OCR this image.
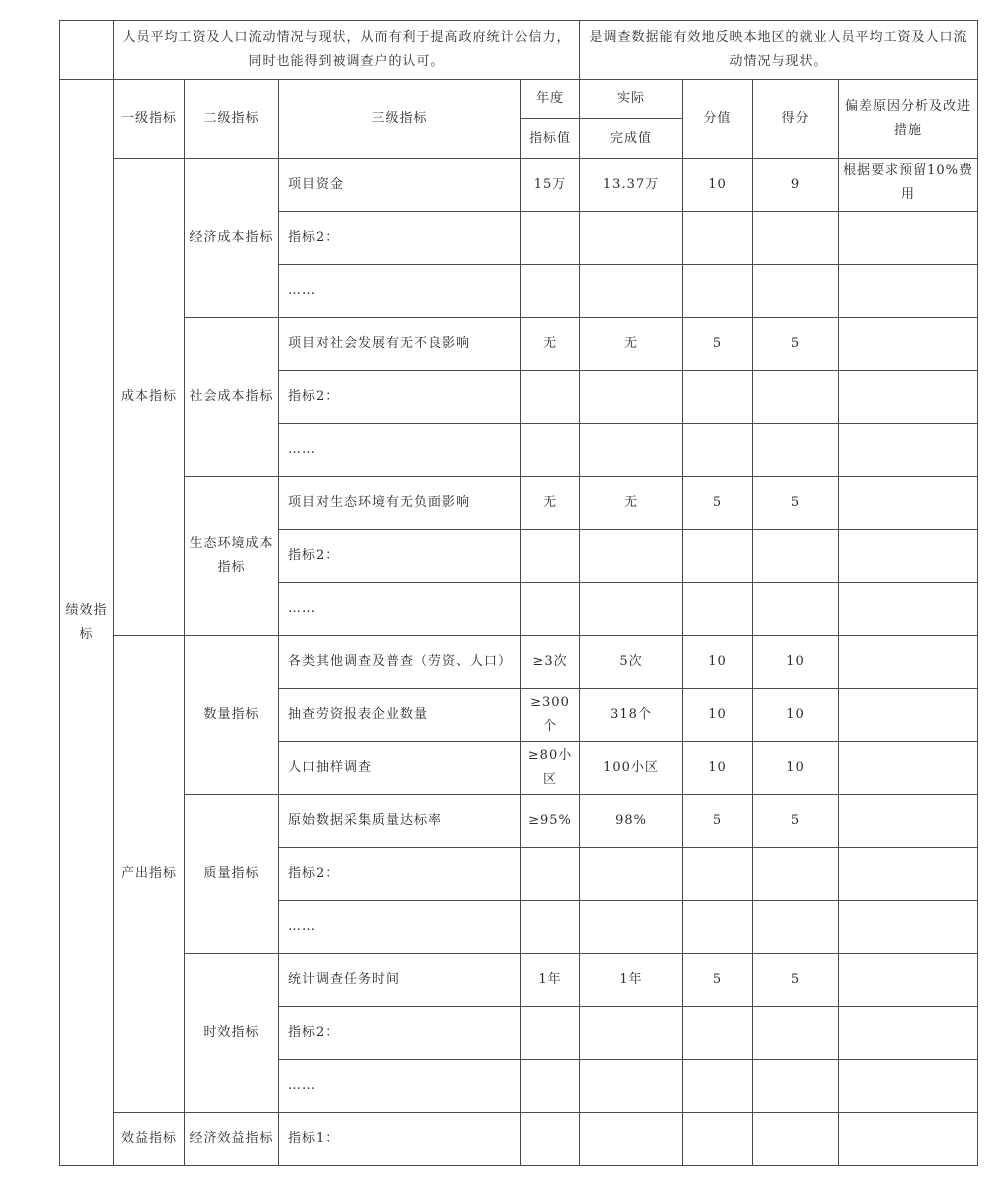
	人员平均工资及人口流动情况与现状，从而有利于提高政府统计公信力，同时也能得到被调查户的认可。				是调查数据能有效地反映本地区的就业人员平均工资及人口流动情况与现状。			
绩效指标	一级指标	二级指标	三级指标	年度	实际	分值	得分	偏差原因分析及改进措施
				指标值	完成值			
	成本指标	经济成本指标	项目资金	15万	13.37万	10	9	根据要求预留10%费用
			指标2：					
			……					
		社会成本指标	项目对社会发展有无不良影响	无	无	5	5	
			指标2：					
			……					
		生态环境成本指标	项目对生态环境有无负面影响	无	无	5	5	
			指标2：					
			……					
	产出指标	数量指标	各类其他调查及普查（劳资、人口）	≥3次	5次	10	10	
			抽查劳资报表企业数量	≥300个	318个	10	10	
			人口抽样调查	≥80小区	100小区	10	10	
		质量指标	原始数据采集质量达标率	≥95%	98%	5	5	
			指标2：					
			……					
		时效指标	统计调查任务时间	1年	1年	5	5	
			指标2：					
			……					
	效益指标	经济效益指标	指标1：					
